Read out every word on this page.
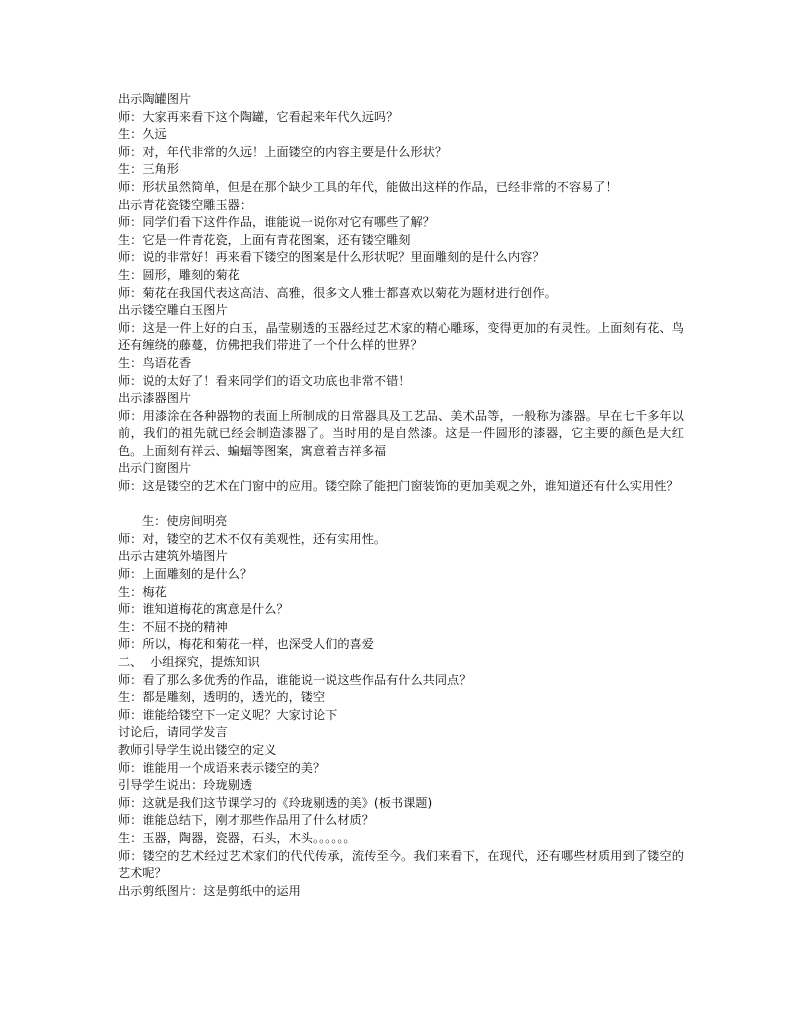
出示陶罐图片
师：大家再来看下这个陶罐，它看起来年代久远吗？
生：久远
师：对，年代非常的久远！上面镂空的内容主要是什么形状？
生：三角形
师：形状虽然简单，但是在那个缺少工具的年代，能做出这样的作品，已经非常的不容易了！
出示青花瓷镂空雕玉器：
师：同学们看下这件作品，谁能说一说你对它有哪些了解？
生：它是一件青花瓷，上面有青花图案，还有镂空雕刻
师：说的非常好！再来看下镂空的图案是什么形状呢？里面雕刻的是什么内容？
生：圆形，雕刻的菊花
师：菊花在我国代表这高洁、高雅，很多文人雅士都喜欢以菊花为题材进行创作。
出示镂空雕白玉图片
师：这是一件上好的白玉，晶莹剔透的玉器经过艺术家的精心雕琢，变得更加的有灵性。上面刻有花、鸟还有缠绕的藤蔓，仿佛把我们带进了一个什么样的世界？
生：鸟语花香
师：说的太好了！看来同学们的语文功底也非常不错！
出示漆器图片
师：用漆涂在各种器物的表面上所制成的日常器具及工艺品、美术品等，一般称为漆器。早在七千多年以前，我们的祖先就已经会制造漆器了。当时用的是自然漆。这是一件圆形的漆器，它主要的颜色是大红色。上面刻有祥云、蝙蝠等图案，寓意着吉祥多福
出示门窗图片
师：这是镂空的艺术在门窗中的应用。镂空除了能把门窗装饰的更加美观之外，谁知道还有什么实用性？
生：使房间明亮
师：对，镂空的艺术不仅有美观性，还有实用性。
出示古建筑外墙图片
师：上面雕刻的是什么？
生：梅花
师：谁知道梅花的寓意是什么？
生：不屈不挠的精神
师：所以，梅花和菊花一样，也深受人们的喜爱
二、  小组探究，提炼知识
师：看了那么多优秀的作品，谁能说一说这些作品有什么共同点？
生：都是雕刻，透明的，透光的，镂空
师：谁能给镂空下一定义呢？大家讨论下
讨论后，请同学发言
教师引导学生说出镂空的定义
师：谁能用一个成语来表示镂空的美？
引导学生说出：玲珑剔透
师：这就是我们这节课学习的《玲珑剔透的美》(板书课题)
师：谁能总结下，刚才那些作品用了什么材质？
生：玉器，陶器，瓷器，石头，木头。。。。。。
师：镂空的艺术经过艺术家们的代代传承，流传至今。我们来看下，在现代，还有哪些材质用到了镂空的艺术呢？
出示剪纸图片：这是剪纸中的运用
